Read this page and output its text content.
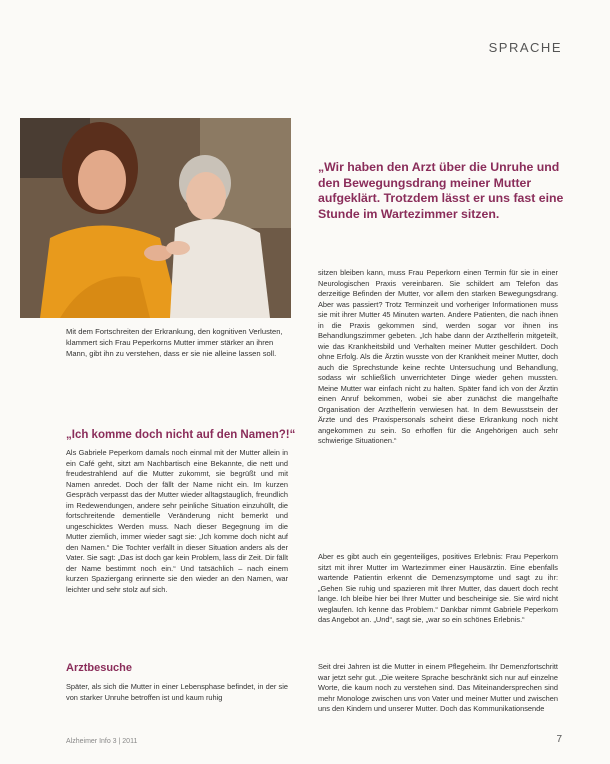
SPRACHE
„Wir haben den Arzt über die Unruhe und den Bewegungsdrang meiner Mutter aufgeklärt. Trotzdem lässt er uns fast eine Stunde im Wartezimmer sitzen.

Mit dem Fortschreiten der Erkrankung, den kognitiven Verlusten, klammert sich Frau Peperkorns Mutter immer stärker an ihren Mann, gibt ihn zu verstehen, dass er sie nie alleine lassen soll.

„Ich komme doch nicht auf den Namen?!“

Als Gabriele Peperkorn damals noch einmal mit der Mutter allein in ein Café geht, sitzt am Nachbartisch eine Bekannte, die nett und freudestrahlend auf die Mutter zukommt, sie begrüßt und mit Namen anredet. Doch der fällt der Name nicht ein. Im kurzen Gespräch verpasst das der Mutter wieder alltagstauglich, freundlich im Redewendungen, andere sehr peinliche Situation einzuhüllt, die fortschreitende dementielle Veränderung nicht bemerkt und ungeschicktes Werden muss. Nach dieser Begegnung im die Mutter ziemlich, immer wieder sagt sie: „Ich komme doch nicht auf den Namen.“ Die Tochter verfällt in dieser Situation anders als der Vater. Sie sagt: „Das ist doch gar kein Problem, lass dir Zeit. Dir fällt der Name bestimmt noch ein.“ Und tatsächlich – nach einem kurzen Spaziergang erinnerte sie den wieder an den Namen, war leichter und sehr stolz auf sich.

Arztbesuche

Später, als sich die Mutter in einer Lebensphase befindet, in der sie von starker Unruhe betroffen ist und kaum ruhig

sitzen bleiben kann, muss Frau Peperkorn einen Termin für sie in einer Neurologischen Praxis vereinbaren. Sie schildert am Telefon das derzeitige Befinden der Mutter, vor allem den starken Bewegungsdrang. Aber was passiert? Trotz Terminzeit und vorheriger Informationen muss sie mit ihrer Mutter 45 Minuten warten. Andere Patienten, die nach ihnen in die Praxis gekommen sind, werden sogar vor ihnen ins Behandlungszimmer gebeten. „Ich habe dann der Arzthelferin mitgeteilt, wie das Krankheitsbild und Verhalten meiner Mutter geschildert. Doch ohne Erfolg. Als die Ärztin wusste von der Krankheit meiner Mutter, doch auch die Sprechstunde keine rechte Untersuchung und Behandlung, sodass wir schließlich unverrichteter Dinge wieder gehen mussten. Meine Mutter war einfach nicht zu halten. Später fand ich von der Ärztin einen Anruf bekommen, wobei sie aber zunächst die mangelhafte Organisation der Arzthelferin verwiesen hat. In dem Bewusstsein der Ärzte und des Praxispersonals scheint diese Erkrankung noch nicht angekommen zu sein. So erhoffen für die Angehörigen auch sehr schwierige Situationen.“

Aber es gibt auch ein gegenteiliges, positives Erlebnis: Frau Peperkorn sitzt mit ihrer Mutter im Wartezimmer einer Hausärztin. Eine ebenfalls wartende Patientin erkennt die Demenzsymptome und sagt zu ihr: „Gehen Sie ruhig und spazieren mit Ihrer Mutter, das dauert doch recht lange. Ich bleibe hier bei Ihrer Mutter und bescheinige sie. Sie wird nicht weglaufen. Ich kenne das Problem.“ Dankbar nimmt Gabriele Peperkorn das Angebot an. „Und“, sagt sie, „war so ein schönes Erlebnis.“

Seit drei Jahren ist die Mutter in einem Pflegeheim. Ihr Demenzfortschritt war jetzt sehr gut. „Die weitere Sprache beschränkt sich nur auf einzelne Worte, die kaum noch zu verstehen sind. Das Miteinandersprechen sind mehr Monologe zwischen uns von Vater und meiner Mutter und zwischen uns den Kindern und unserer Mutter. Doch das Kommunikationsende

Alzheimer Info 3 | 2011	7
